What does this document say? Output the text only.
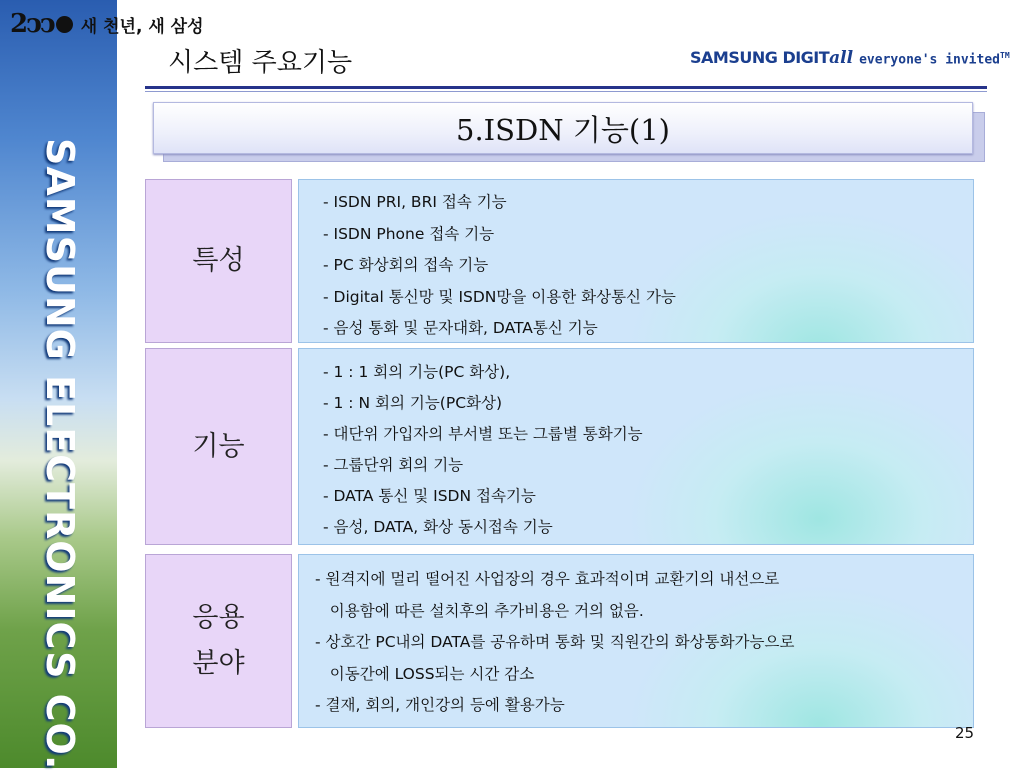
SAMSUNG ELECTRONICS CO.
2 ↄↄ 새 천년, 새 삼성
시스템 주요기능	SAMSUNG DIGIT all everyone's invited™
5.ISDN 기능(1)
특성
- ISDN PRI, BRI 접속 기능
- ISDN Phone 접속 기능
- PC 화상회의 접속 기능
- Digital 통신망 및 ISDN망을 이용한 화상통신 가능
- 음성 통화 및 문자대화, DATA통신 기능
기능
- 1 : 1 회의 기능(PC 화상),
- 1 : N 회의 기능(PC화상)
- 대단위 가입자의 부서별 또는 그룹별 통화기능
- 그룹단위 회의 기능
- DATA 통신 및 ISDN 접속기능
- 음성, DATA, 화상 동시접속 기능
응용
분야
- 원격지에 멀리 떨어진 사업장의 경우 효과적이며 교환기의 내선으로
이용함에 따른 설치후의 추가비용은 거의 없음.
- 상호간 PC내의 DATA를 공유하며 통화 및 직원간의 화상통화가능으로
이동간에 LOSS되는 시간 감소
- 결재, 회의, 개인강의 등에 활용가능
25
